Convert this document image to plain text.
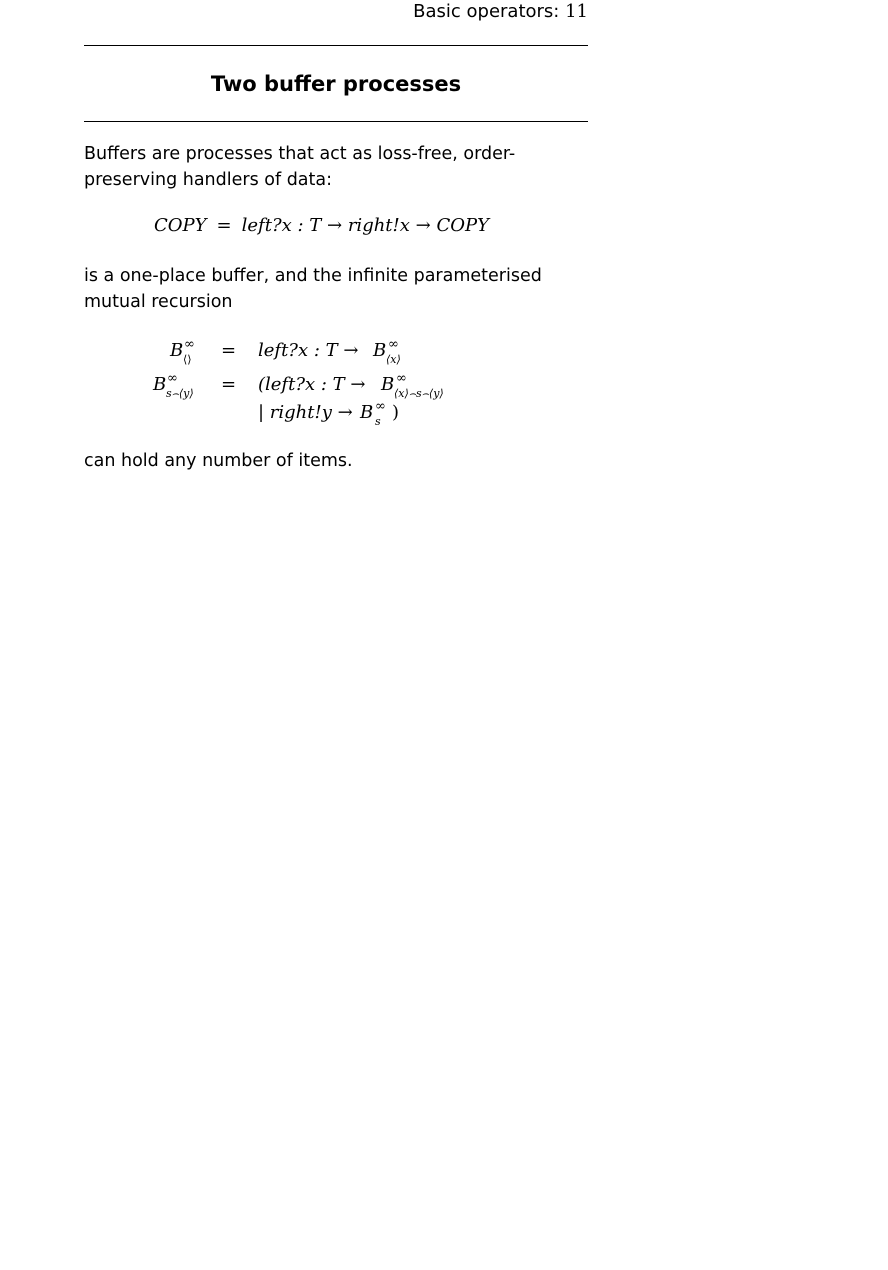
Basic operators: 11
Two buffer processes
Buffers are processes that act as loss-free, order-preserving handlers of data:
COPY = left?x : T → right!x → COPY
is a one-place buffer, and the infinite parameterised mutual recursion
B ∞
⟨⟩ = left?x : T → B ∞
⟨x⟩
B ∞
s⌢⟨y⟩ = (left?x : T → B ∞
⟨x⟩⌢s⌢⟨y⟩
| right!y → B ∞
s )
can hold any number of items.
